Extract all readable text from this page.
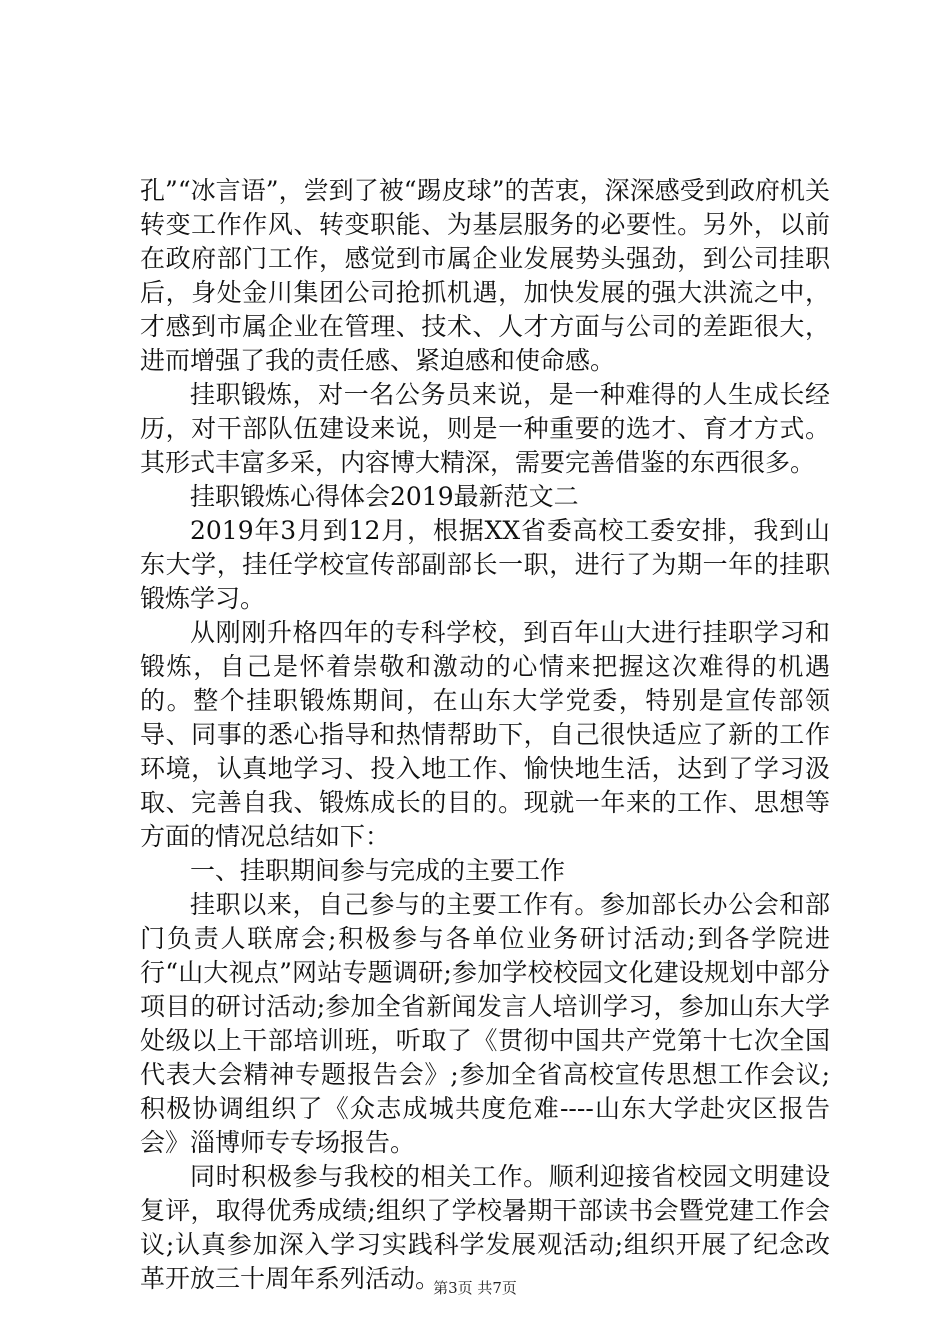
孔”“冰言语”，尝到了被“踢皮球”的苦衷，深深感受到政府机关转变工作作风、转变职能、为基层服务的必要性。另外，以前在政府部门工作，感觉到市属企业发展势头强劲，到公司挂职后，身处金川集团公司抢抓机遇，加快发展的强大洪流之中，才感到市属企业在管理、技术、人才方面与公司的差距很大，进而增强了我的责任感、紧迫感和使命感。

挂职锻炼，对一名公务员来说，是一种难得的人生成长经历，对干部队伍建设来说，则是一种重要的选才、育才方式。其形式丰富多采，内容博大精深，需要完善借鉴的东西很多。

挂职锻炼心得体会2019最新范文二

2019年3月到12月，根据XX省委高校工委安排，我到山东大学，挂任学校宣传部副部长一职，进行了为期一年的挂职锻炼学习。

从刚刚升格四年的专科学校，到百年山大进行挂职学习和锻炼，自己是怀着崇敬和激动的心情来把握这次难得的机遇的。整个挂职锻炼期间，在山东大学党委，特别是宣传部领导、同事的悉心指导和热情帮助下，自己很快适应了新的工作环境，认真地学习、投入地工作、愉快地生活，达到了学习汲取、完善自我、锻炼成长的目的。现就一年来的工作、思想等方面的情况总结如下：

一、挂职期间参与完成的主要工作

挂职以来，自己参与的主要工作有。参加部长办公会和部门负责人联席会;积极参与各单位业务研讨活动;到各学院进行“山大视点”网站专题调研;参加学校校园文化建设规划中部分项目的研讨活动;参加全省新闻发言人培训学习，参加山东大学处级以上干部培训班，听取了《贯彻中国共产党第十七次全国代表大会精神专题报告会》;参加全省高校宣传思想工作会议;积极协调组织了《众志成城共度危难----山东大学赴灾区报告会》淄博师专专场报告。

同时积极参与我校的相关工作。顺利迎接省校园文明建设复评，取得优秀成绩;组织了学校暑期干部读书会暨党建工作会议;认真参加深入学习实践科学发展观活动;组织开展了纪念改革开放三十周年系列活动。

第3页 共7页
